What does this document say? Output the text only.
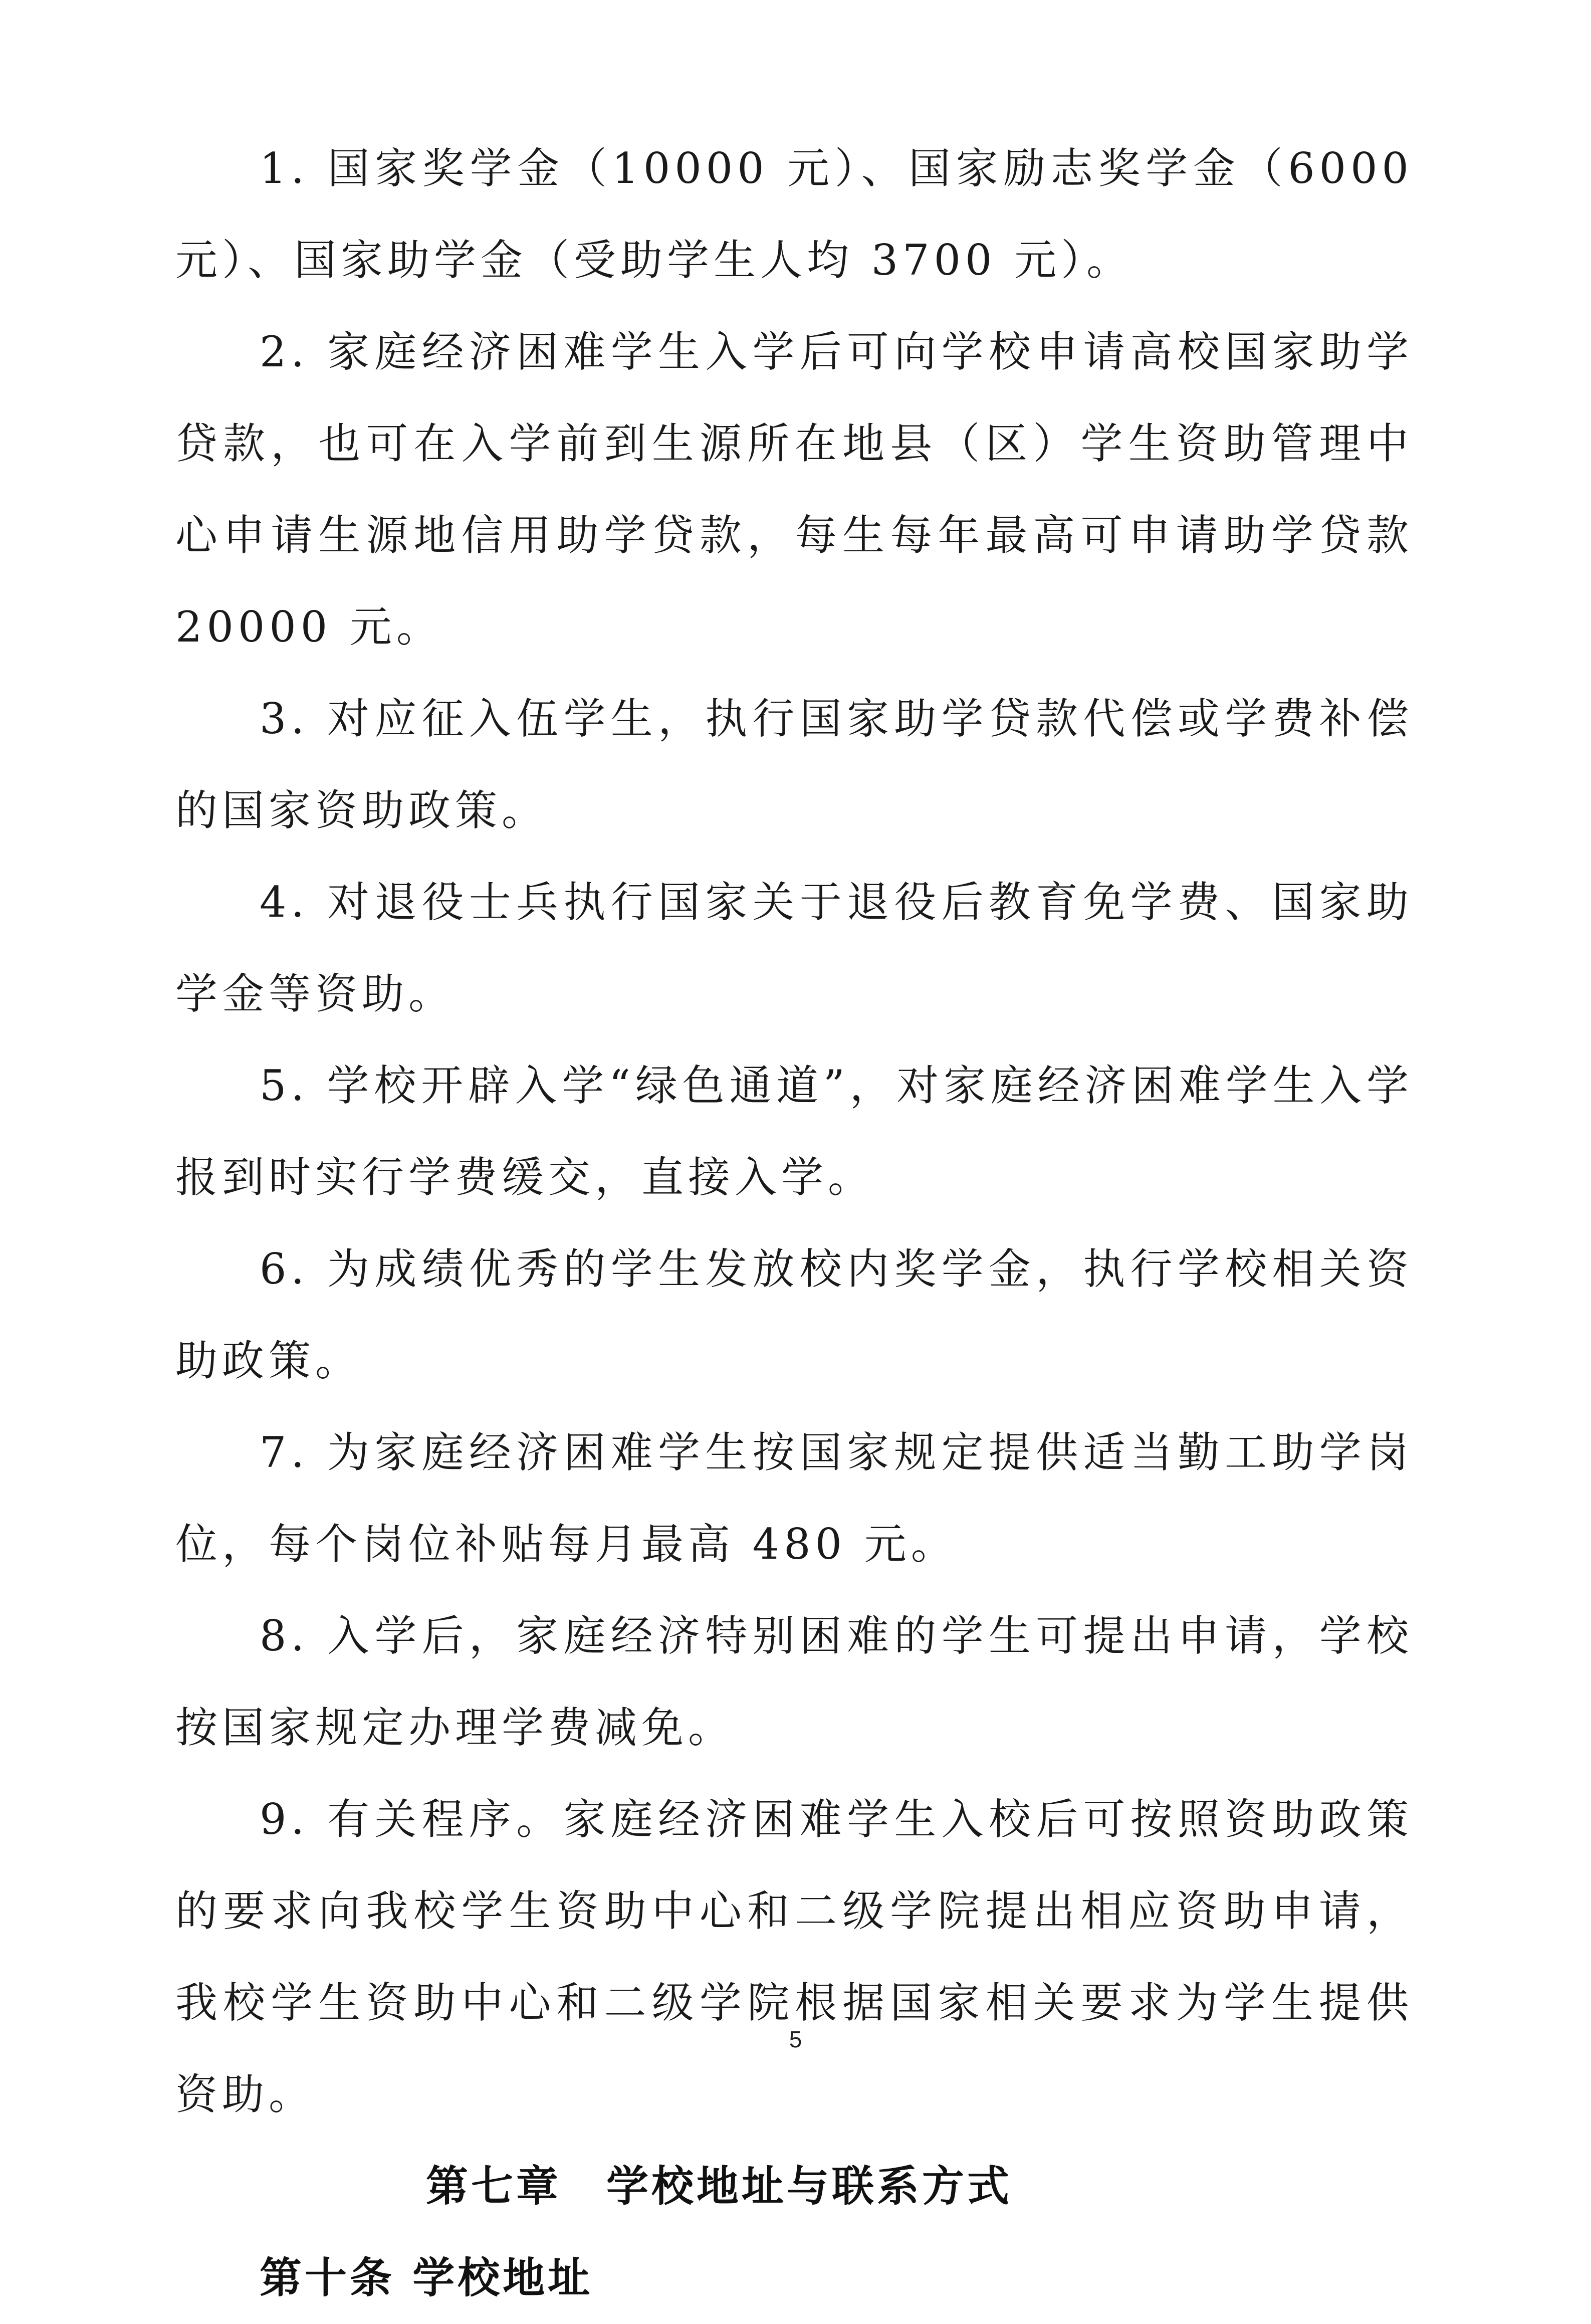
1. 国家奖学金（10000 元）、国家励志奖学金（6000 元）、国家助学金（受助学生人均 3700 元）。

2. 家庭经济困难学生入学后可向学校申请高校国家助学贷款，也可在入学前到生源所在地县（区）学生资助管理中心申请生源地信用助学贷款，每生每年最高可申请助学贷款 20000 元。

3. 对应征入伍学生，执行国家助学贷款代偿或学费补偿的国家资助政策。

4. 对退役士兵执行国家关于退役后教育免学费、国家助学金等资助。

5. 学校开辟入学“绿色通道”，对家庭经济困难学生入学报到时实行学费缓交，直接入学。

6. 为成绩优秀的学生发放校内奖学金，执行学校相关资助政策。

7. 为家庭经济困难学生按国家规定提供适当勤工助学岗位，每个岗位补贴每月最高 480 元。

8. 入学后，家庭经济特别困难的学生可提出申请，学校按国家规定办理学费减免。

9. 有关程序。家庭经济困难学生入校后可按照资助政策的要求向我校学生资助中心和二级学院提出相应资助申请，我校学生资助中心和二级学院根据国家相关要求为学生提供资助。

第七章　学校地址与联系方式
第十条 学校地址
5
